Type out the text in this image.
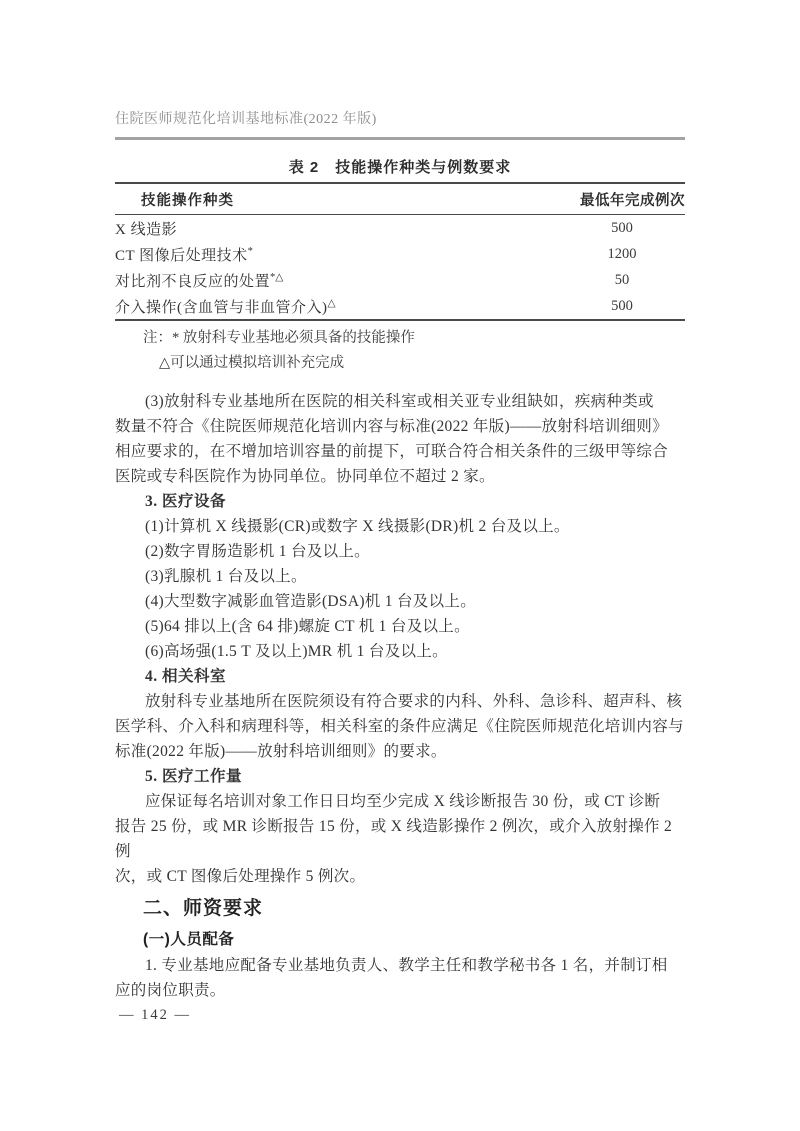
住院医师规范化培训基地标准(2022 年版)
表 2　技能操作种类与例数要求
技能操作种类	最低年完成例次
X 线造影	500
CT 图像后处理技术*	1200
对比剂不良反应的处置*△	50
介入操作(含血管与非血管介入)△	500
注：* 放射科专业基地必须具备的技能操作
△可以通过模拟培训补充完成
(3)放射科专业基地所在医院的相关科室或相关亚专业组缺如，疾病种类或
数量不符合《住院医师规范化培训内容与标准(2022 年版)——放射科培训细则》
相应要求的，在不增加培训容量的前提下，可联合符合相关条件的三级甲等综合
医院或专科医院作为协同单位。协同单位不超过 2 家。
3. 医疗设备
(1)计算机 X 线摄影(CR)或数字 X 线摄影(DR)机 2 台及以上。
(2)数字胃肠造影机 1 台及以上。
(3)乳腺机 1 台及以上。
(4)大型数字减影血管造影(DSA)机 1 台及以上。
(5)64 排以上(含 64 排)螺旋 CT 机 1 台及以上。
(6)高场强(1.5 T 及以上)MR 机 1 台及以上。
4. 相关科室
放射科专业基地所在医院须设有符合要求的内科、外科、急诊科、超声科、核
医学科、介入科和病理科等，相关科室的条件应满足《住院医师规范化培训内容与
标准(2022 年版)——放射科培训细则》的要求。
5. 医疗工作量
应保证每名培训对象工作日日均至少完成 X 线诊断报告 30 份，或 CT 诊断
报告 25 份，或 MR 诊断报告 15 份，或 X 线造影操作 2 例次，或介入放射操作 2 例
次，或 CT 图像后处理操作 5 例次。
二、师资要求
(一)人员配备
1. 专业基地应配备专业基地负责人、教学主任和教学秘书各 1 名，并制订相
应的岗位职责。
— 142 —
